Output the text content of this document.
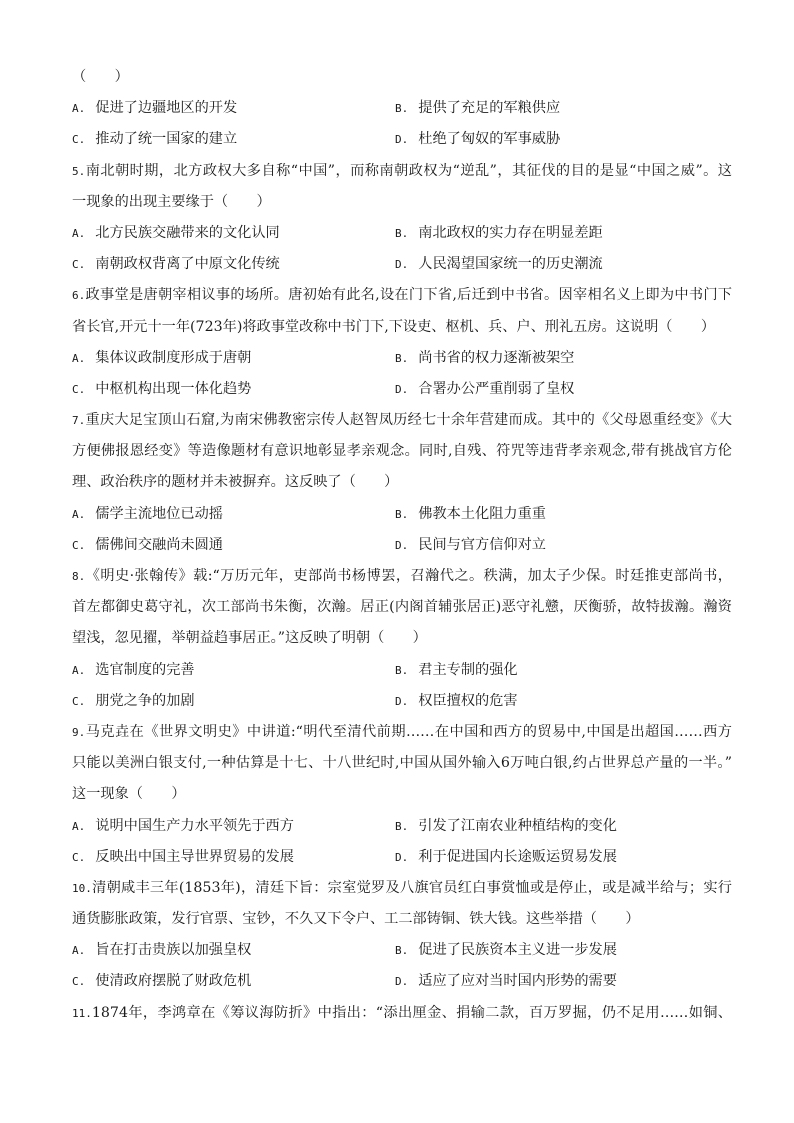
（　　）
A. 促进了边疆地区的开发	B. 提供了充足的军粮供应
C. 推动了统一国家的建立	D. 杜绝了匈奴的军事威胁
5.南北朝时期，北方政权大多自称“中国”，而称南朝政权为“逆乱”，其征伐的目的是显“中国之威”。这
一现象的出现主要缘于（　　）
A. 北方民族交融带来的文化认同	B. 南北政权的实力存在明显差距
C. 南朝政权背离了中原文化传统	D. 人民渴望国家统一的历史潮流
6.政事堂是唐朝宰相议事的场所。唐初始有此名,设在门下省,后迁到中书省。因宰相名义上即为中书门下
省长官,开元十一年(723年)将政事堂改称中书门下,下设吏、枢机、兵、户、刑礼五房。这说明（　　）
A. 集体议政制度形成于唐朝	B. 尚书省的权力逐渐被架空
C. 中枢机构出现一体化趋势	D. 合署办公严重削弱了皇权
7.重庆大足宝顶山石窟,为南宋佛教密宗传人赵智凤历经七十余年营建而成。其中的《父母恩重经变》《大
方便佛报恩经变》等造像题材有意识地彰显孝亲观念。同时,自残、符咒等违背孝亲观念,带有挑战官方伦
理、政治秩序的题材并未被摒弃。这反映了（　　）
A. 儒学主流地位已动摇	B. 佛教本土化阻力重重
C. 儒佛间交融尚未圆通	D. 民间与官方信仰对立
8.《明史·张翰传》载:“万历元年，吏部尚书杨博罢，召瀚代之。秩满，加太子少保。时廷推吏部尚书，
首左都御史葛守礼，次工部尚书朱衡，次瀚。居正(内阁首辅张居正)恶守礼戆，厌衡骄，故特拔瀚。瀚资
望浅，忽见擢，举朝益趋事居正。”这反映了明朝（　　）
A. 选官制度的完善	B. 君主专制的强化
C. 朋党之争的加剧	D. 权臣擅权的危害
9.马克垚在《世界文明史》中讲道:“明代至清代前期……在中国和西方的贸易中,中国是出超国……西方
只能以美洲白银支付,一种估算是十七、十八世纪时,中国从国外输入6万吨白银,约占世界总产量的一半。”
这一现象（　　）
A. 说明中国生产力水平领先于西方	B. 引发了江南农业种植结构的变化
C. 反映出中国主导世界贸易的发展	D. 利于促进国内长途贩运贸易发展
10.清朝咸丰三年(1853年)，清廷下旨：宗室觉罗及八旗官员红白事赏恤或是停止，或是减半给与；实行
通货膨胀政策，发行官票、宝钞，不久又下令户、工二部铸铜、铁大钱。这些举措（　　）
A. 旨在打击贵族以加强皇权	B. 促进了民族资本主义进一步发展
C. 使清政府摆脱了财政危机	D. 适应了应对当时国内形势的需要
11.1874年，李鸿章在《筹议海防折》中指出：“添出厘金、捐输二款，百万罗掘，仍不足用……如铜、
